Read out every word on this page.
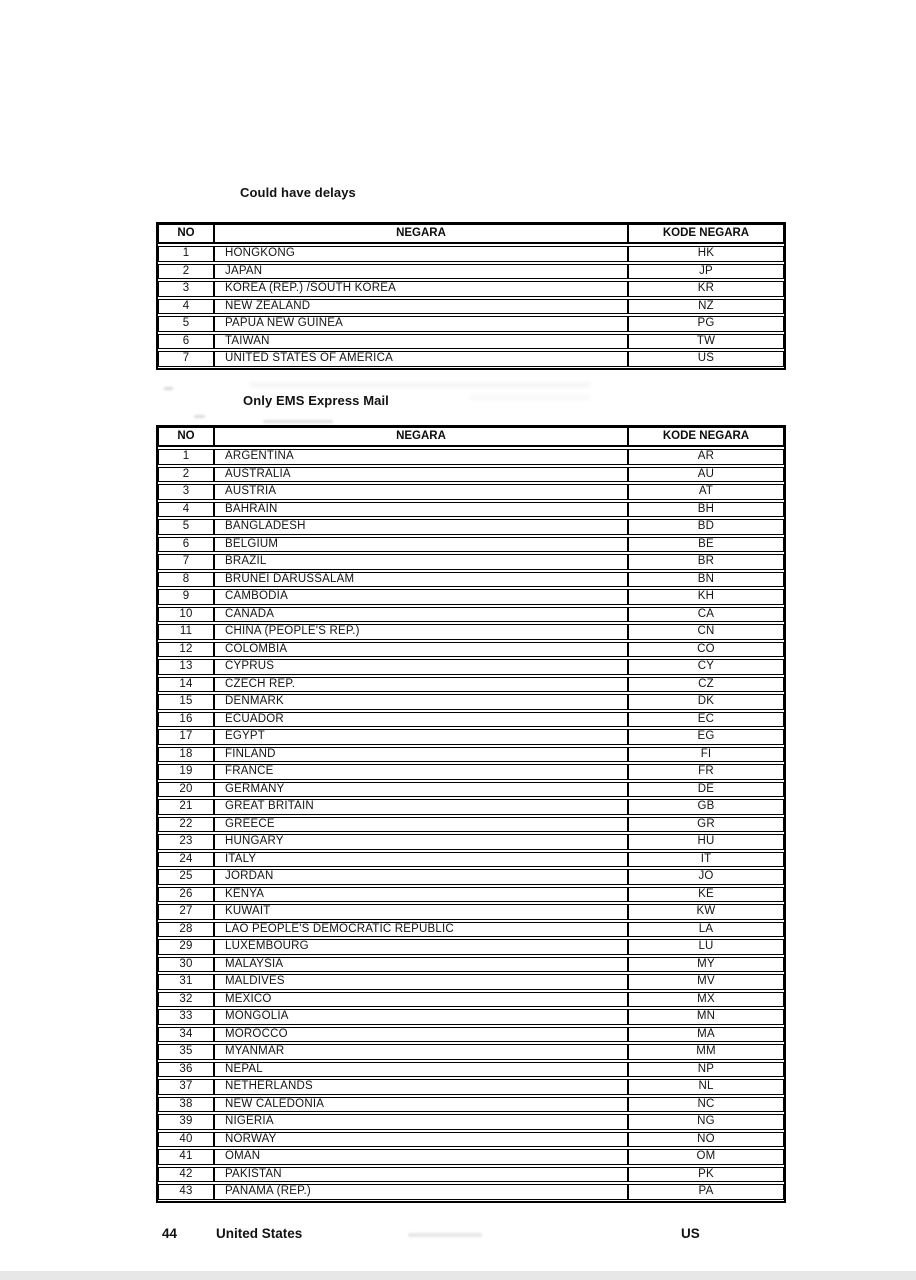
Could have delays
NO	NEGARA	KODE NEGARA
1	HONGKONG	HK
2	JAPAN	JP
3	KOREA (REP.) /SOUTH KOREA	KR
4	NEW ZEALAND	NZ
5	PAPUA NEW GUINEA	PG
6	TAIWAN	TW
7	UNITED STATES OF AMERICA	US
Only EMS Express Mail
NO	NEGARA	KODE NEGARA
1	ARGENTINA	AR
2	AUSTRALIA	AU
3	AUSTRIA	AT
4	BAHRAIN	BH
5	BANGLADESH	BD
6	BELGIUM	BE
7	BRAZIL	BR
8	BRUNEI DARUSSALAM	BN
9	CAMBODIA	KH
10	CANADA	CA
11	CHINA (PEOPLE'S REP.)	CN
12	COLOMBIA	CO
13	CYPRUS	CY
14	CZECH REP.	CZ
15	DENMARK	DK
16	ECUADOR	EC
17	EGYPT	EG
18	FINLAND	FI
19	FRANCE	FR
20	GERMANY	DE
21	GREAT BRITAIN	GB
22	GREECE	GR
23	HUNGARY	HU
24	ITALY	IT
25	JORDAN	JO
26	KENYA	KE
27	KUWAIT	KW
28	LAO PEOPLE'S DEMOCRATIC REPUBLIC	LA
29	LUXEMBOURG	LU
30	MALAYSIA	MY
31	MALDIVES	MV
32	MEXICO	MX
33	MONGOLIA	MN
34	MOROCCO	MA
35	MYANMAR	MM
36	NEPAL	NP
37	NETHERLANDS	NL
38	NEW CALEDONIA	NC
39	NIGERIA	NG
40	NORWAY	NO
41	OMAN	OM
42	PAKISTAN	PK
43	PANAMA (REP.)	PA
44	United States	US
